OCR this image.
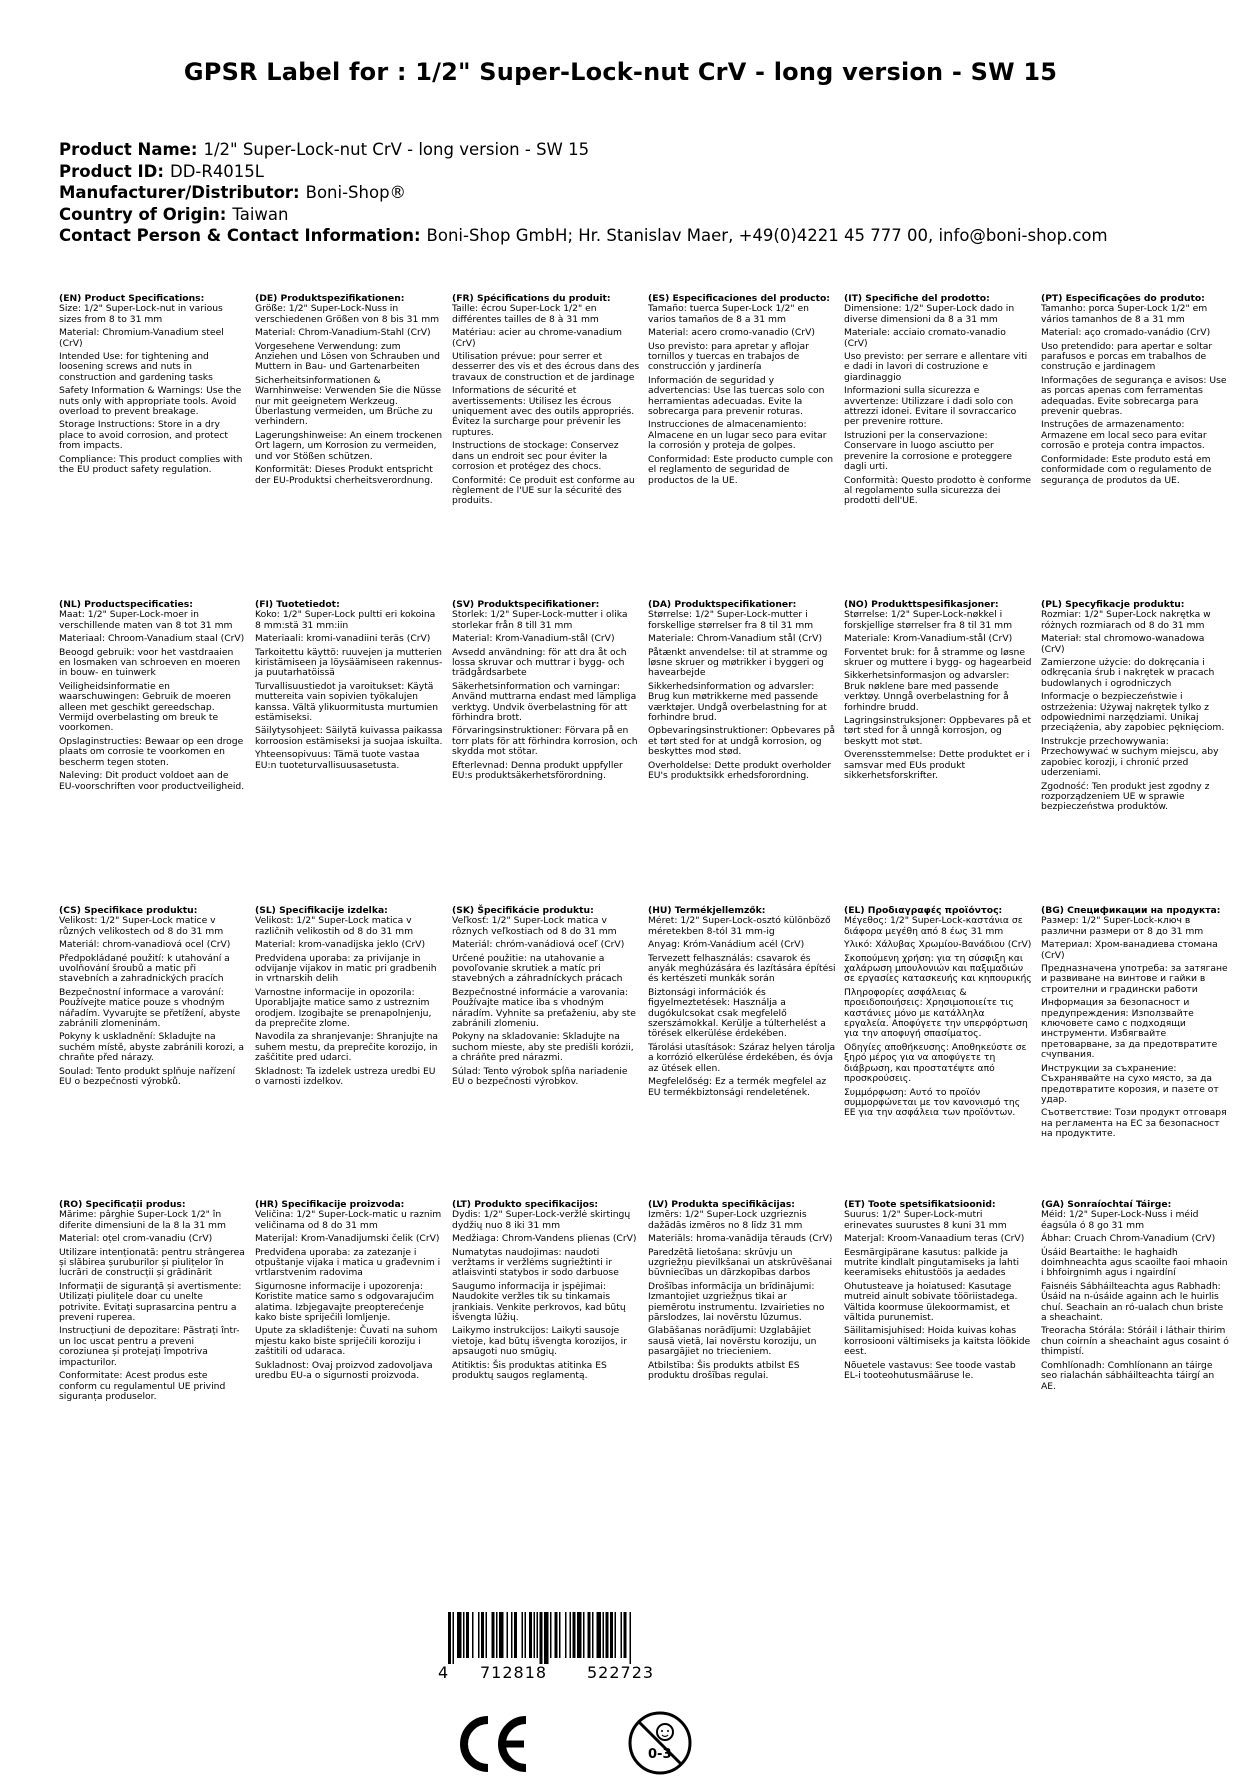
GPSR Label for : 1/2" Super-Lock-nut CrV - long version - SW 15
Product Name: 1/2" Super-Lock-nut CrV - long version - SW 15
Product ID: DD-R4015L
Manufacturer/Distributor: Boni-Shop®
Country of Origin: Taiwan
Contact Person & Contact Information: Boni-Shop GmbH; Hr. Stanislav Maer, +49(0)4221 45 777 00, info@boni-shop.com
(EN) Product Specifications:

Size: 1/2" Super-Lock-nut in various sizes from 8 to 31 mm

Material: Chromium-Vanadium steel (CrV)

Intended Use: for tightening and loosening screws and nuts in construction and gardening tasks

Safety Information & Warnings: Use the nuts only with appropriate tools. Avoid overload to prevent breakage.

Storage Instructions: Store in a dry place to avoid corrosion, and protect from impacts.

Compliance: This product complies with the EU product safety regulation.

(DE) Produktspezifikationen:

Größe: 1/2" Super-Lock-Nuss in verschiedenen Größen von 8 bis 31 mm

Material: Chrom-Vanadium-Stahl (CrV)

Vorgesehene Verwendung: zum Anziehen und Lösen von Schrauben und Muttern in Bau- und Gartenarbeiten

Sicherheitsinformationen & Warnhinweise: Verwenden Sie die Nüsse nur mit geeignetem Werkzeug. Überlastung vermeiden, um Brüche zu verhindern.

Lagerungshinweise: An einem trockenen Ort lagern, um Korrosion zu vermeiden, und vor Stößen schützen.

Konformität: Dieses Produkt entspricht der EU-Produktsi cherheitsverordnung.

(FR) Spécifications du produit:

Taille: écrou Super-Lock 1/2" en différentes tailles de 8 à 31 mm

Matériau: acier au chrome-vanadium (CrV)

Utilisation prévue: pour serrer et desserrer des vis et des écrous dans des travaux de construction et de jardinage

Informations de sécurité et avertissements: Utilisez les écrous uniquement avec des outils appropriés. Évitez la surcharge pour prévenir les ruptures.

Instructions de stockage: Conservez dans un endroit sec pour éviter la corrosion et protégez des chocs.

Conformité: Ce produit est conforme au règlement de l'UE sur la sécurité des produits.

(ES) Especificaciones del producto:

Tamaño: tuerca Super-Lock 1/2" en varios tamaños de 8 a 31 mm

Material: acero cromo-vanadio (CrV)

Uso previsto: para apretar y aflojar tornillos y tuercas en trabajos de construcción y jardinería

Información de seguridad y advertencias: Use las tuercas solo con herramientas adecuadas. Evite la sobrecarga para prevenir roturas.

Instrucciones de almacenamiento: Almacene en un lugar seco para evitar la corrosión y proteja de golpes.

Conformidad: Este producto cumple con el reglamento de seguridad de productos de la UE.

(IT) Specifiche del prodotto:

Dimensione: 1/2" Super-Lock dado in diverse dimensioni da 8 a 31 mm

Materiale: acciaio cromato-vanadio (CrV)

Uso previsto: per serrare e allentare viti e dadi in lavori di costruzione e giardinaggio

Informazioni sulla sicurezza e avvertenze: Utilizzare i dadi solo con attrezzi idonei. Evitare il sovraccarico per prevenire rotture.

Istruzioni per la conservazione: Conservare in luogo asciutto per prevenire la corrosione e proteggere dagli urti.

Conformità: Questo prodotto è conforme al regolamento sulla sicurezza dei prodotti dell'UE.

(PT) Especificações do produto:

Tamanho: porca Super-Lock 1/2" em vários tamanhos de 8 a 31 mm

Material: aço cromado-vanádio (CrV)

Uso pretendido: para apertar e soltar parafusos e porcas em trabalhos de construção e jardinagem

Informações de segurança e avisos: Use as porcas apenas com ferramentas adequadas. Evite sobrecarga para prevenir quebras.

Instruções de armazenamento: Armazene em local seco para evitar corrosão e proteja contra impactos.

Conformidade: Este produto está em conformidade com o regulamento de segurança de produtos da UE.

(NL) Productspecificaties:

Maat: 1/2" Super-Lock-moer in verschillende maten van 8 tot 31 mm

Materiaal: Chroom-Vanadium staal (CrV)

Beoogd gebruik: voor het vastdraaien en losmaken van schroeven en moeren in bouw- en tuinwerk

Veiligheidsinformatie en waarschuwingen: Gebruik de moeren alleen met geschikt gereedschap. Vermijd overbelasting om breuk te voorkomen.

Opslaginstructies: Bewaar op een droge plaats om corrosie te voorkomen en bescherm tegen stoten.

Naleving: Dit product voldoet aan de EU-voorschriften voor productveiligheid.

(FI) Tuotetiedot:

Koko: 1/2" Super-Lock pultti eri kokoina 8 mm:stä 31 mm:iin

Materiaali: kromi-vanadiini teräs (CrV)

Tarkoitettu käyttö: ruuvejen ja mutterien kiristämiseen ja löysäämiseen rakennus- ja puutarhatöissä

Turvallisuustiedot ja varoitukset: Käytä muttereita vain sopivien työkalujen kanssa. Vältä ylikuormitusta murtumien estämiseksi.

Säilytysohjeet: Säilytä kuivassa paikassa korroosion estämiseksi ja suojaa iskuilta.

Yhteensopivuus: Tämä tuote vastaa EU:n tuoteturvallisuusasetusta.

(SV) Produktspecifikationer:

Storlek: 1/2" Super-Lock-mutter i olika storlekar från 8 till 31 mm

Material: Krom-Vanadium-stål (CrV)

Avsedd användning: för att dra åt och lossa skruvar och muttrar i bygg- och trädgårdsarbete

Säkerhetsinformation och varningar: Använd muttrarna endast med lämpliga verktyg. Undvik överbelastning för att förhindra brott.

Förvaringsinstruktioner: Förvara på en torr plats för att förhindra korrosion, och skydda mot stötar.

Efterlevnad: Denna produkt uppfyller EU:s produktsäkerhetsförordning.

(DA) Produktspecifikationer:

Størrelse: 1/2" Super-Lock-mutter i forskellige størrelser fra 8 til 31 mm

Materiale: Chrom-Vanadium stål (CrV)

Påtænkt anvendelse: til at stramme og løsne skruer og møtrikker i byggeri og havearbejde

Sikkerhedsinformation og advarsler: Brug kun møtrikkerne med passende værktøjer. Undgå overbelastning for at forhindre brud.

Opbevaringsinstruktioner: Opbevares på et tørt sted for at undgå korrosion, og beskyttes mod stød.

Overholdelse: Dette produkt overholder EU's produktsikk erhedsforordning.

(NO) Produkttspesifikasjoner:

Størrelse: 1/2" Super-Lock-nøkkel i forskjellige størrelser fra 8 til 31 mm

Materiale: Krom-Vanadium-stål (CrV)

Forventet bruk: for å stramme og løsne skruer og muttere i bygg- og hagearbeid

Sikkerhetsinformasjon og advarsler: Bruk nøklene bare med passende verktøy. Unngå overbelastning for å forhindre brudd.

Lagringsinstruksjoner: Oppbevares på et tørt sted for å unngå korrosjon, og beskytt mot støt.

Overensstemmelse: Dette produktet er i samsvar med EUs produkt sikkerhetsforskrifter.

(PL) Specyfikacje produktu:

Rozmiar: 1/2" Super-Lock nakrętka w różnych rozmiarach od 8 do 31 mm

Materiał: stal chromowo-wanadowa (CrV)

Zamierzone użycie: do dokręcania i odkręcania śrub i nakrętek w pracach budowlanych i ogrodniczych

Informacje o bezpieczeństwie i ostrzeżenia: Używaj nakrętek tylko z odpowiednimi narzędziami. Unikaj przeciążenia, aby zapobiec pęknięciom.

Instrukcje przechowywania: Przechowywać w suchym miejscu, aby zapobiec korozji, i chronić przed uderzeniami.

Zgodność: Ten produkt jest zgodny z rozporządzeniem UE w sprawie bezpieczeństwa produktów.

(CS) Specifikace produktu:

Velikost: 1/2" Super-Lock matice v různých velikostech od 8 do 31 mm

Materiál: chrom-vanadiová ocel (CrV)

Předpokládané použití: k utahování a uvolňování šroubů a matic při stavebních a zahradnických pracích

Bezpečnostní informace a varování: Používejte matice pouze s vhodným nářadím. Vyvarujte se přetížení, abyste zabránili zlomeninám.

Pokyny k uskladnění: Skladujte na suchém místě, abyste zabránili korozi, a chraňte před nárazy.

Soulad: Tento produkt splňuje nařízení EU o bezpečnosti výrobků.

(SL) Specifikacije izdelka:

Velikost: 1/2" Super-Lock matica v različnih velikostih od 8 do 31 mm

Material: krom-vanadijska jeklo (CrV)

Predvidena uporaba: za privijanje in odvijanje vijakov in matic pri gradbenih in vrtnarskih delih

Varnostne informacije in opozorila: Uporabljajte matice samo z ustreznim orodjem. Izogibajte se prenapolnjenju, da preprečite zlome.

Navodila za shranjevanje: Shranjujte na suhem mestu, da preprečite korozijo, in zaščitite pred udarci.

Skladnost: Ta izdelek ustreza uredbi EU o varnosti izdelkov.

(SK) Špecifikácie produktu:

Veľkosť: 1/2" Super-Lock matica v rôznych veľkostiach od 8 do 31 mm

Materiál: chróm-vanádiová oceľ (CrV)

Určené použitie: na utahovanie a povoľovanie skrutiek a matíc pri stavebných a záhradníckych prácach

Bezpečnostné informácie a varovania: Používajte matice iba s vhodným náradím. Vyhnite sa preťaženiu, aby ste zabránili zlomeniu.

Pokyny na skladovanie: Skladujte na suchom mieste, aby ste predišli korózii, a chráňte pred nárazmi.

Súlad: Tento výrobok spĺňa nariadenie EU o bezpečnosti výrobkov.

(HU) Termékjellemzők:

Méret: 1/2" Super-Lock-osztó különböző méretekben 8-tól 31 mm-ig

Anyag: Króm-Vanádium acél (CrV)

Tervezett felhasználás: csavarok és anyák meghúzására és lazítására építési és kertészeti munkák során

Biztonsági információk és figyelmeztetések: Használja a dugókulcsokat csak megfelelő szerszámokkal. Kerülje a túlterhelést a törések elkerülése érdekében.

Tárolási utasítások: Száraz helyen tárolja a korrózió elkerülése érdekében, és óvja az ütések ellen.

Megfelelőség: Ez a termék megfelel az EU termékbiztonsági rendeletének.

(EL) Προδιαγραφές προϊόντος:

Μέγεθος: 1/2" Super-Lock-καστάνια σε διάφορα μεγέθη από 8 έως 31 mm

Υλικό: Χάλυβας Χρωμίου-Βανάδιου (CrV)

Σκοπούμενη χρήση: για τη σύσφιξη και χαλάρωση μπουλονιών και παξιμαδιών σε εργασίες κατασκευής και κηπουρικής

Πληροφορίες ασφάλειας & προειδοποιήσεις: Χρησιμοποιείτε τις καστάνιες μόνο με κατάλληλα εργαλεία. Αποφύγετε την υπερφόρτωση για την αποφυγή σπασίματος.

Οδηγίες αποθήκευσης: Αποθηκεύστε σε ξηρό μέρος για να αποφύγετε τη διάβρωση, και προστατέψτε από προσκρούσεις.

Συμμόρφωση: Αυτό το προϊόν συμμορφώνεται με τον κανονισμό της ΕΕ για την ασφάλεια των προϊόντων.

(BG) Спецификации на продукта:

Размер: 1/2" Super-Lock-ключ в различни размери от 8 до 31 mm

Материал: Хром-ванадиева стомана (CrV)

Предназначена употреба: за затягане и развиване на винтове и гайки в строителни и градински работи

Информация за безопасност и предупреждения: Използвайте ключовете само с подходящи инструменти. Избягвайте претоварване, за да предотвратите счупвания.

Инструкции за съхранение: Съхранявайте на сухо място, за да предотвратите корозия, и пазете от удар.

Съответствие: Този продукт отговаря на регламента на ЕС за безопасност на продуктите.

(RO) Specificații produs:

Mărime: pârghie Super-Lock 1/2" în diferite dimensiuni de la 8 la 31 mm

Material: oțel crom-vanadiu (CrV)

Utilizare intenționată: pentru strângerea și slăbirea șuruburilor și piulițelor în lucrări de construcții și grădinărit

Informații de siguranță și avertismente: Utilizați piulițele doar cu unelte potrivite. Evitați suprasarcina pentru a preveni ruperea.

Instrucțiuni de depozitare: Păstrați într-un loc uscat pentru a preveni coroziunea și protejați împotriva impacturilor.

Conformitate: Acest produs este conform cu regulamentul UE privind siguranța produselor.

(HR) Specifikacije proizvoda:

Veličina: 1/2" Super-Lock-matic u raznim veličinama od 8 do 31 mm

Materijal: Krom-Vanadijumski čelik (CrV)

Predviđena uporaba: za zatezanje i otpuštanje vijaka i matica u građevnim i vrtlarstvenim radovima

Sigurnosne informacije i upozorenja: Koristite matice samo s odgovarajućim alatima. Izbjegavajte preopterećenje kako biste spriječili lomljenje.

Upute za skladištenje: Čuvati na suhom mjestu kako biste spriječili koroziju i zaštitili od udaraca.

Sukladnost: Ovaj proizvod zadovoljava uredbu EU-a o sigurnosti proizvoda.

(LT) Produkto specifikacijos:

Dydis: 1/2" Super-Lock-veržlė skirtingų dydžių nuo 8 iki 31 mm

Medžiaga: Chrom-Vandens plienas (CrV)

Numatytas naudojimas: naudoti veržtams ir veržlėms sugriežtinti ir atlaisvinti statybos ir sodo darbuose

Saugumo informacija ir įspėjimai: Naudokite veržles tik su tinkamais įrankiais. Venkite perkrovos, kad būtų išvengta lūžių.

Laikymo instrukcijos: Laikyti sausoje vietoje, kad būtų išvengta korozijos, ir apsaugoti nuo smūgių.

Atitiktis: Šis produktas atitinka ES produktų saugos reglamentą.

(LV) Produkta specifikācijas:

Izmērs: 1/2" Super-Lock uzgrieznis dažādās izmēros no 8 līdz 31 mm

Materiāls: hroma-vanādija tērauds (CrV)

Paredzētā lietošana: skrūvju un uzgriežņu pievilkšanai un atskrūvēšanai būvniecības un dārzkopības darbos

Drošības informācija un brīdinājumi: Izmantojiet uzgriežņus tikai ar piemērotu instrumentu. Izvairieties no pārslodzes, lai novērstu lūzumus.

Glabāšanas norādījumi: Uzglabājiet sausā vietā, lai novērstu koroziju, un pasargājiet no triecieniem.

Atbilstība: Šis produkts atbilst ES produktu drošības regulai.

(ET) Toote spetsifikatsioonid:

Suurus: 1/2" Super-Lock-mutri erinevates suurustes 8 kuni 31 mm

Materjal: Kroom-Vanaadium teras (CrV)

Eesmärgipärane kasutus: palkide ja mutrite kindlalt pingutamiseks ja lahti keeramiseks ehitustöös ja aedades

Ohutusteave ja hoiatused: Kasutage mutreid ainult sobivate tööriistadega. Vältida koormuse ülekoormamist, et vältida purunemist.

Säilitamisjuhised: Hoida kuivas kohas korrosiooni vältimiseks ja kaitsta löökide eest.

Nõuetele vastavus: See toode vastab EL-i tooteohutusmääruse le.

(GA) Sonraíochtaí Táirge:

Méid: 1/2" Super-Lock-Nuss i méid éagsúla ó 8 go 31 mm

Ábhar: Cruach Chrom-Vanadium (CrV)

Úsáid Beartaithe: le haghaidh doimhneachta agus scaoilte faoi mhaoin i bhfoirgnimh agus i ngairdíní

Faisnéis Sábháilteachta agus Rabhadh: Úsáid na n-úsáide againn ach le huirlis chuí. Seachain an ró-ualach chun briste a sheachaint.

Treoracha Stórála: Stóráil i láthair thirim chun coirnín a sheachaint agus cosaint ó thimpistí.

Comhlíonadh: Comhlíonann an táirge seo rialachán sábháilteachta táirgí an AE.

4 712818 522723
0-3
